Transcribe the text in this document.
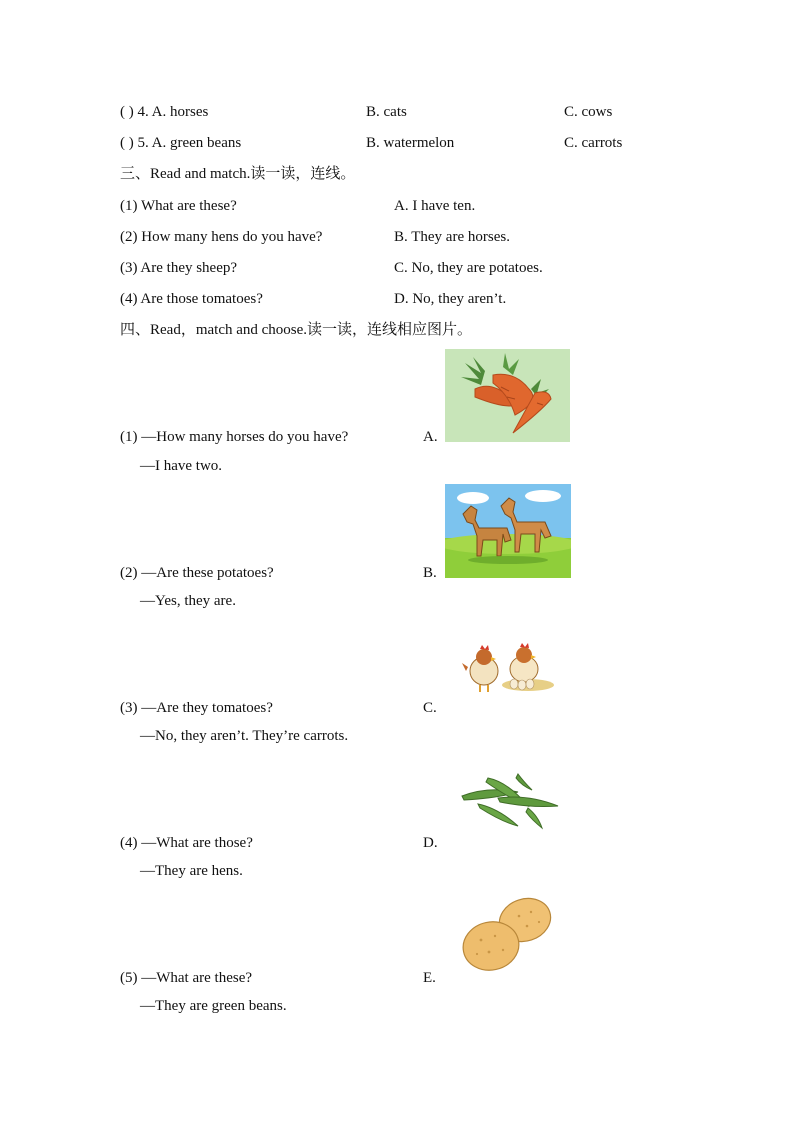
( ) 4. A. horses	B. cats	C. cows
( ) 5. A. green beans	B. watermelon	C. carrots
三、Read and match.读一读，连线。
(1) What are these?	A. I have ten.
(2) How many hens do you have?	B. They are horses.
(3) Are they sheep?	C. No, they are potatoes.
(4) Are those tomatoes?	D. No, they aren’t.
四、Read，match and choose.读一读，连线相应图片。
(1) —How many horses do you have?
—I have two.
A.
(2) —Are these potatoes?
—Yes, they are.
B.
(3) —Are they tomatoes?
—No, they aren’t. They’re carrots.
C.
(4) —What are those?
—They are hens.
D.
(5) —What are these?
—They are green beans.
E.
